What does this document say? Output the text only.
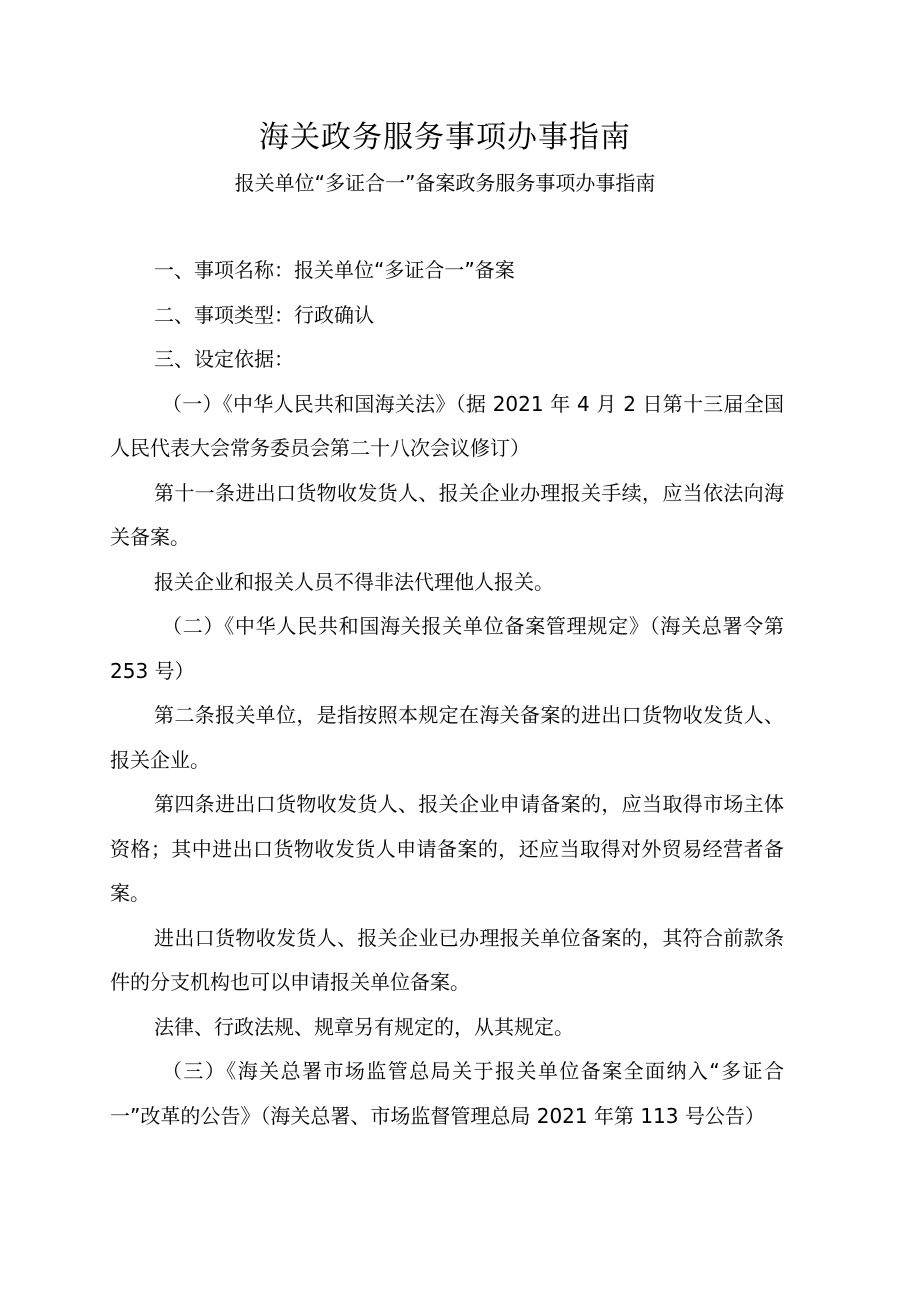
海关政务服务事项办事指南
报关单位“多证合一”备案政务服务事项办事指南

一、事项名称：报关单位“多证合一”备案

二、事项类型：行政确认

三、设定依据：

（一）《中华人民共和国海关法》（据 2021 年 4 月 2 日第十三届全国人民代表大会常务委员会第二十八次会议修订）

第十一条进出口货物收发货人、报关企业办理报关手续，应当依法向海关备案。

报关企业和报关人员不得非法代理他人报关。

（二）《中华人民共和国海关报关单位备案管理规定》（海关总署令第 253 号）

第二条报关单位，是指按照本规定在海关备案的进出口货物收发货人、报关企业。

第四条进出口货物收发货人、报关企业申请备案的，应当取得市场主体资格；其中进出口货物收发货人申请备案的，还应当取得对外贸易经营者备案。

进出口货物收发货人、报关企业已办理报关单位备案的，其符合前款条件的分支机构也可以申请报关单位备案。

法律、行政法规、规章另有规定的，从其规定。

（三）《海关总署市场监管总局关于报关单位备案全面纳入“多证合一”改革的公告》（海关总署、市场监督管理总局 2021 年第 113 号公告）
